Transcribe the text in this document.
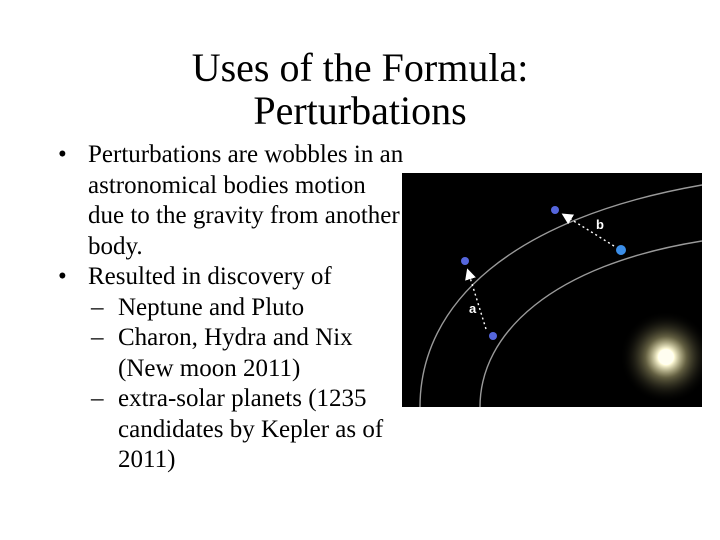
Uses of the Formula:
Perturbations
• Perturbations are wobbles in an astronomical bodies motion due to the gravity from another body.
• Resulted in discovery of
– Neptune and Pluto
– Charon, Hydra and Nix (New moon 2011)
– extra-solar planets (1235 candidates by Kepler as of 2011)
a
b
